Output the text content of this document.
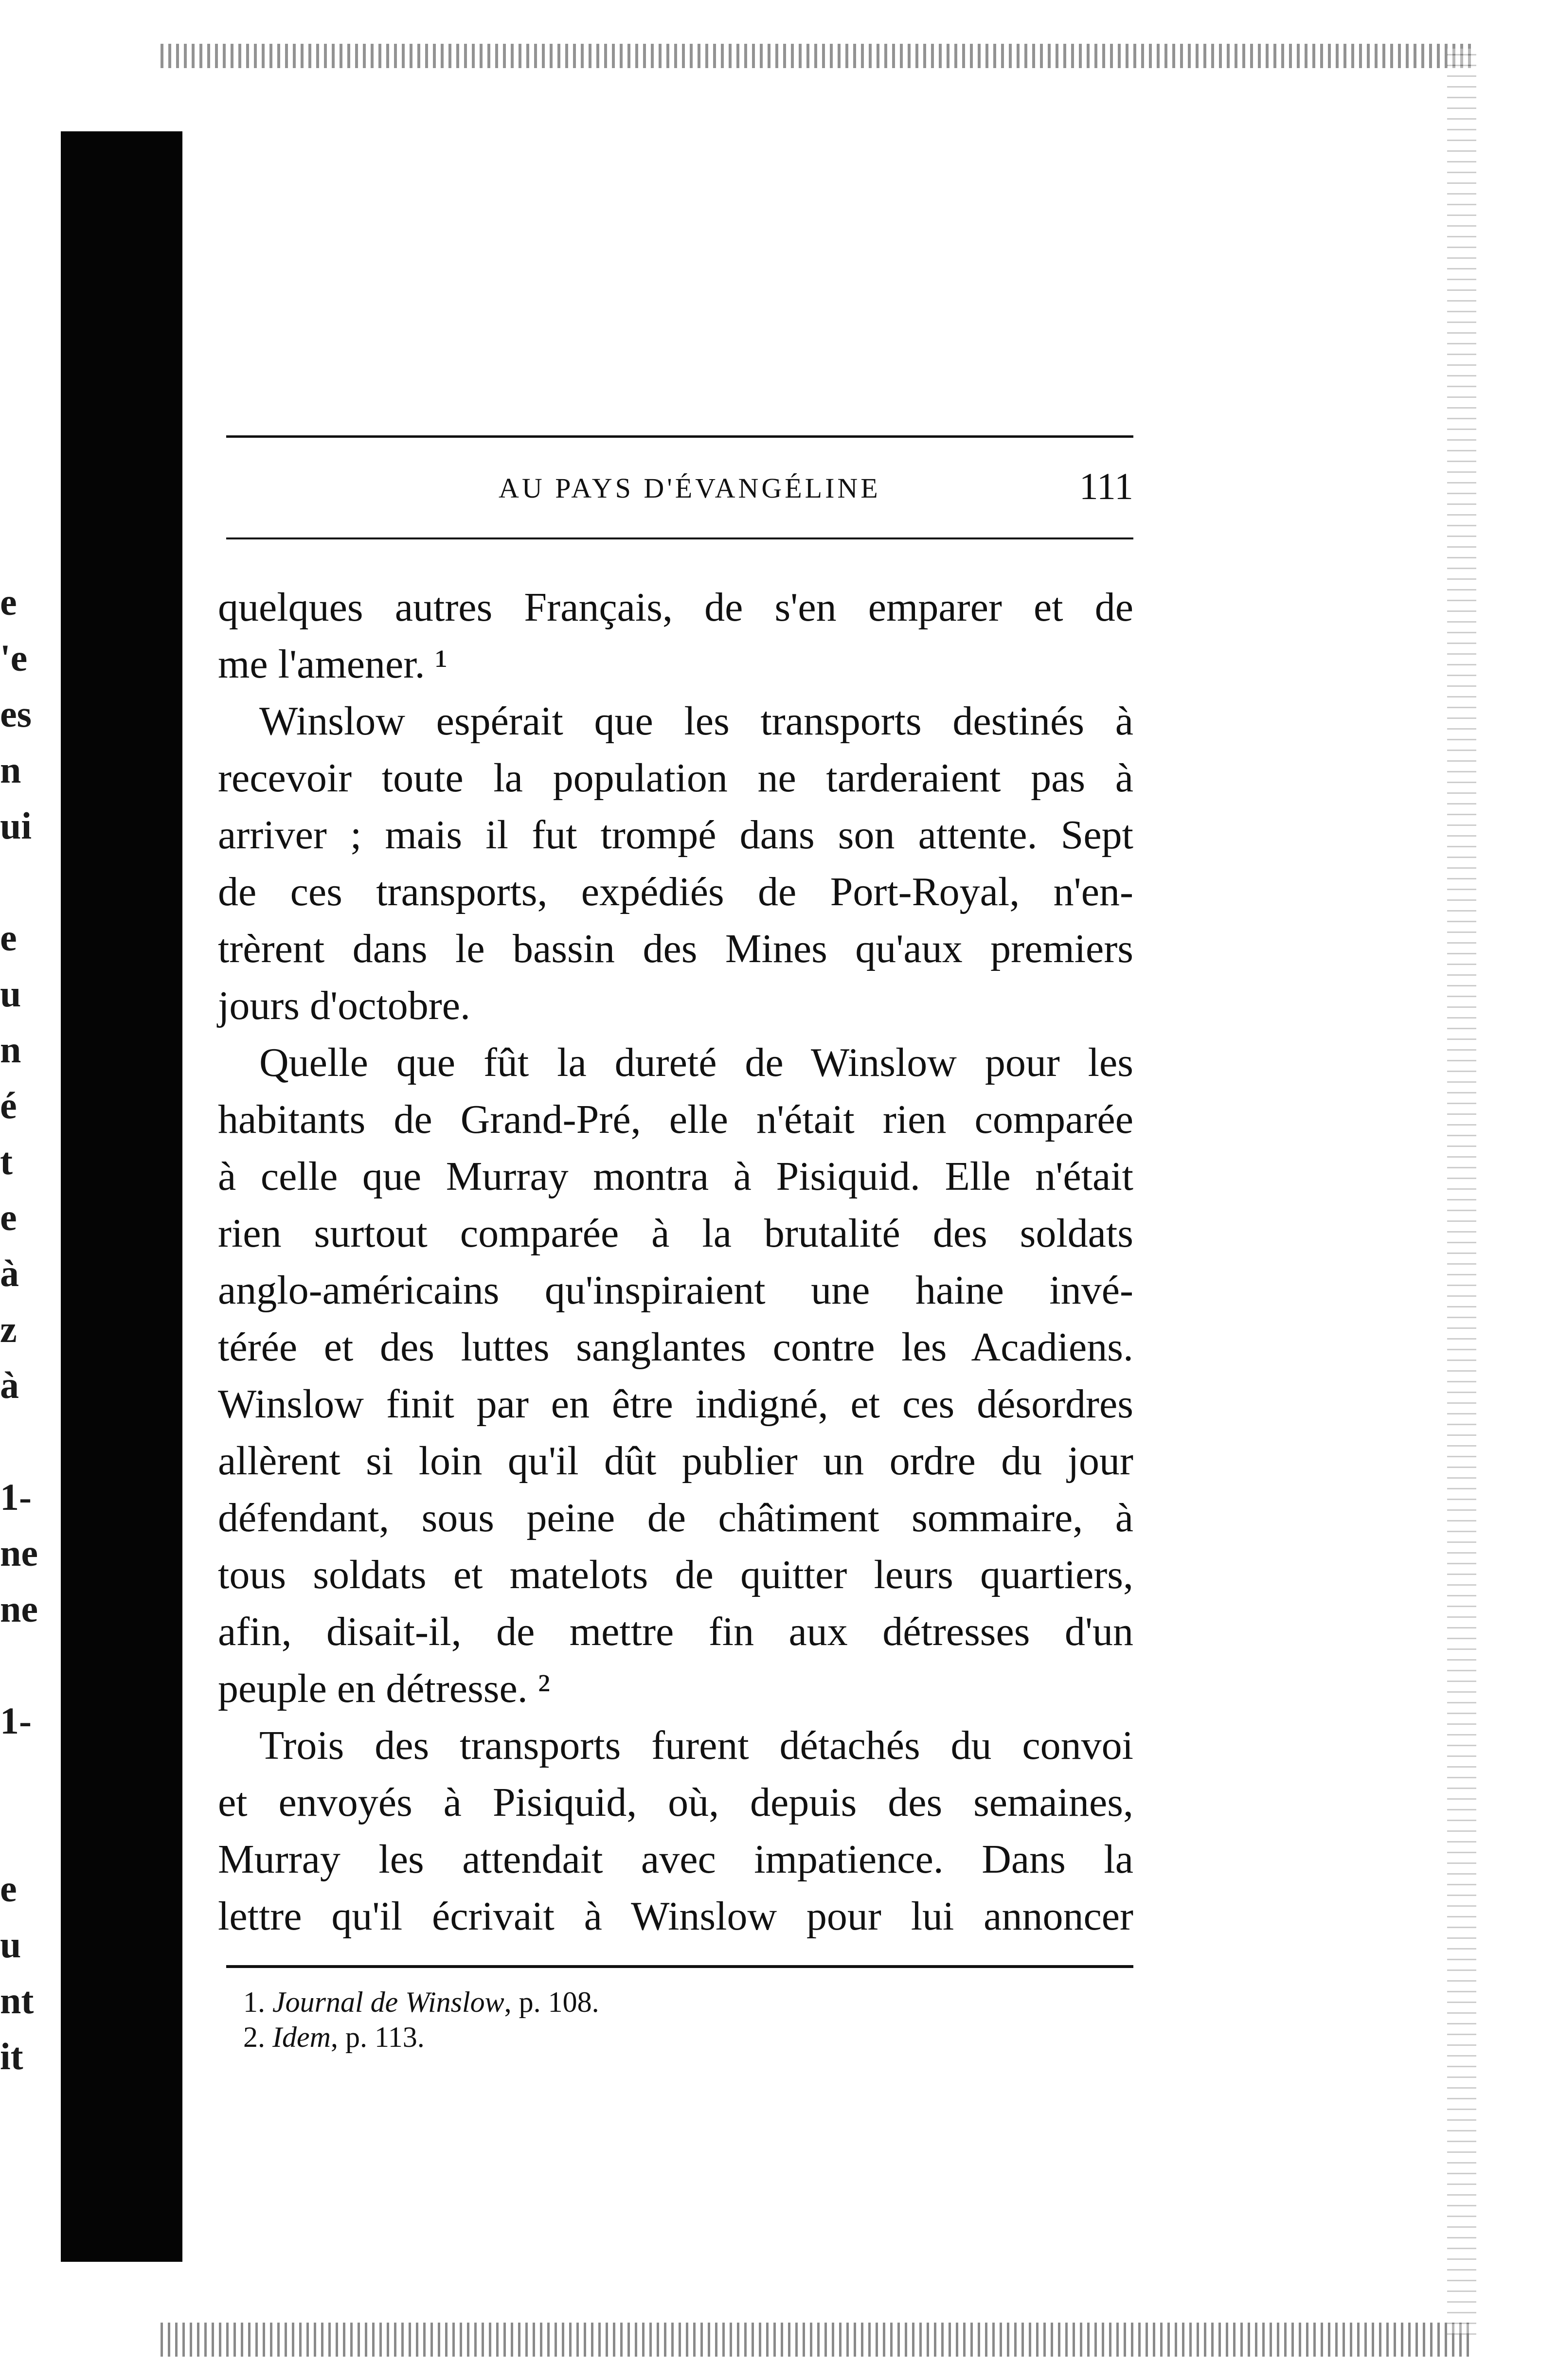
e
'e
es
n
ui
e
u
n
é
t
e
à
z
à
1-
ne
ne
1-
e
u
nt
it
AU PAYS D'ÉVANGÉLINE	111
quelques autres Français, de s'en emparer et de
me l'amener. ¹
Winslow espérait que les transports destinés à
recevoir toute la population ne tarderaient pas à
arriver ; mais il fut trompé dans son attente. Sept
de ces transports, expédiés de Port-Royal, n'en-
trèrent dans le bassin des Mines qu'aux premiers
jours d'octobre.
Quelle que fût la dureté de Winslow pour les
habitants de Grand-Pré, elle n'était rien comparée
à celle que Murray montra à Pisiquid. Elle n'était
rien surtout comparée à la brutalité des soldats
anglo-américains qu'inspiraient une haine invé-
térée et des luttes sanglantes contre les Acadiens.
Winslow finit par en être indigné, et ces désordres
allèrent si loin qu'il dût publier un ordre du jour
défendant, sous peine de châtiment sommaire, à
tous soldats et matelots de quitter leurs quartiers,
afin, disait-il, de mettre fin aux détresses d'un
peuple en détresse. ²
Trois des transports furent détachés du convoi
et envoyés à Pisiquid, où, depuis des semaines,
Murray les attendait avec impatience. Dans la
lettre qu'il écrivait à Winslow pour lui annoncer
1. Journal de Winslow, p. 108.
2. Idem, p. 113.
